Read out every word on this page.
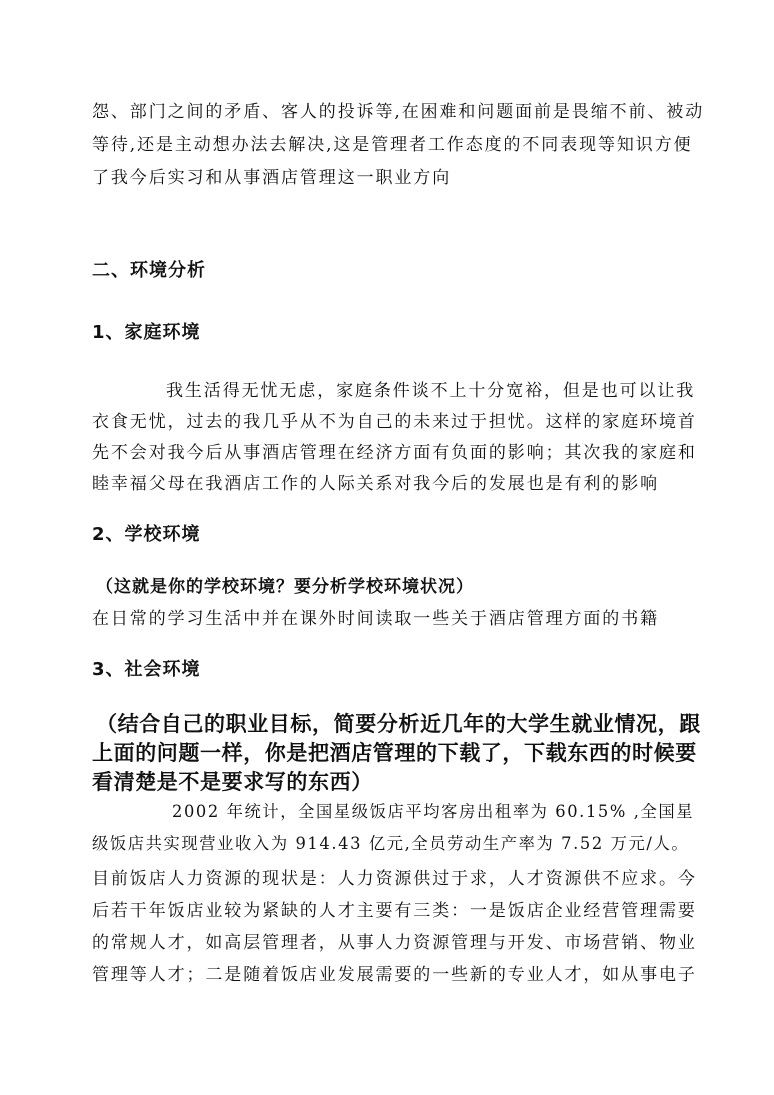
怨、部门之间的矛盾、客人的投诉等,在困难和问题面前是畏缩不前、被动
等待,还是主动想办法去解决,这是管理者工作态度的不同表现等知识方便
了我今后实习和从事酒店管理这一职业方向
二、环境分析
1、家庭环境
我生活得无忧无虑，家庭条件谈不上十分宽裕，但是也可以让我
衣食无忧，过去的我几乎从不为自己的未来过于担忧。这样的家庭环境首
先不会对我今后从事酒店管理在经济方面有负面的影响；其次我的家庭和
睦幸福父母在我酒店工作的人际关系对我今后的发展也是有利的影响
2、学校环境
（这就是你的学校环境？要分析学校环境状况）
在日常的学习生活中并在课外时间读取一些关于酒店管理方面的书籍
3、社会环境
（结合自己的职业目标，简要分析近几年的大学生就业情况，跟
上面的问题一样，你是把酒店管理的下载了，下载东西的时候要
看清楚是不是要求写的东西）
2002 年统计，全国星级饭店平均客房出租率为 60.15% ,全国星
级饭店共实现营业收入为 914.43 亿元,全员劳动生产率为 7.52 万元/人。
目前饭店人力资源的现状是：人力资源供过于求，人才资源供不应求。今
后若干年饭店业较为紧缺的人才主要有三类：一是饭店企业经营管理需要
的常规人才，如高层管理者，从事人力资源管理与开发、市场营销、物业
管理等人才；二是随着饭店业发展需要的一些新的专业人才，如从事电子
